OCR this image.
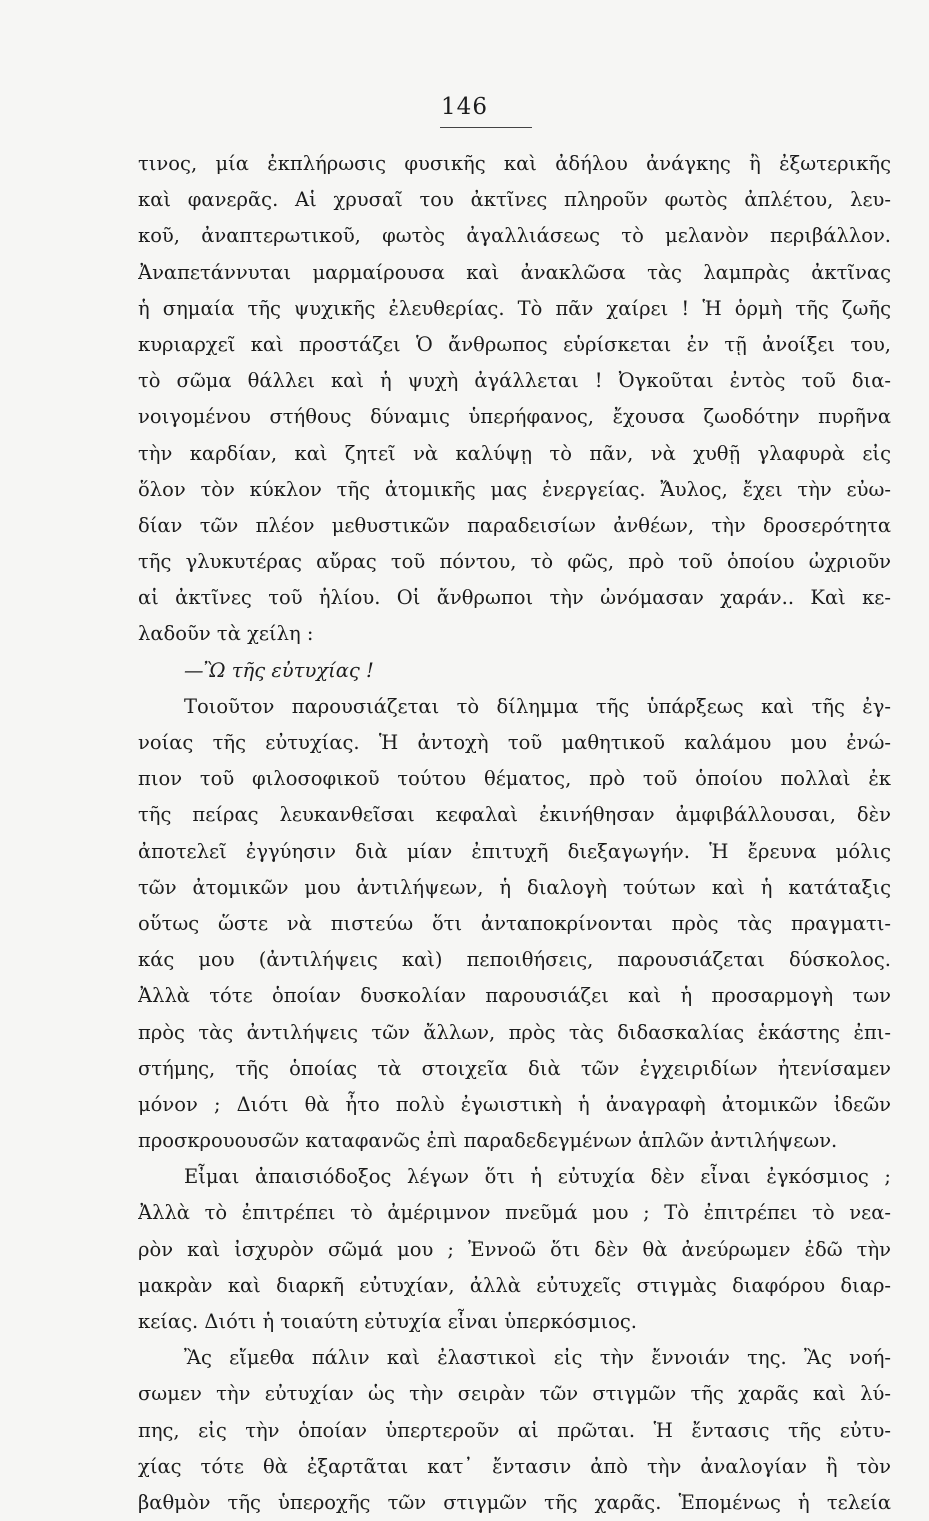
146
τινος, μία ἐκπλήρωσις φυσικῆς καὶ ἀδήλου ἀνάγκης ἢ ἐξωτερικῆς
καὶ φανερᾶς. Αἱ χρυσαῖ του ἀκτῖνες πληροῦν φωτὸς ἀπλέτου, λευ-
κοῦ, ἀναπτερωτικοῦ, φωτὸς ἀγαλλιάσεως τὸ μελανὸν περιβάλλον.
Ἀναπετάννυται μαρμαίρουσα καὶ ἀνακλῶσα τὰς λαμπρὰς ἀκτῖνας
ἡ σημαία τῆς ψυχικῆς ἐλευθερίας. Τὸ πᾶν χαίρει ! Ἡ ὁρμὴ τῆς ζωῆς
κυριαρχεῖ καὶ προστάζει Ὁ ἄνθρωπος εὑρίσκεται ἐν τῇ ἀνοίξει του,
τὸ σῶμα θάλλει καὶ ἡ ψυχὴ ἀγάλλεται ! Ὀγκοῦται ἐντὸς τοῦ δια-
νοιγομένου στήθους δύναμις ὑπερήφανος, ἔχουσα ζωοδότην πυρῆνα
τὴν καρδίαν, καὶ ζητεῖ νὰ καλύψῃ τὸ πᾶν, νὰ χυθῇ γλαφυρὰ εἰς
ὅλον τὸν κύκλον τῆς ἀτομικῆς μας ἐνεργείας. Ἄυλος, ἔχει τὴν εὐω-
δίαν τῶν πλέον μεθυστικῶν παραδεισίων ἀνθέων, τὴν δροσερότητα
τῆς γλυκυτέρας αὔρας τοῦ πόντου, τὸ φῶς, πρὸ τοῦ ὁποίου ὠχριοῦν
αἱ ἀκτῖνες τοῦ ἡλίου. Οἱ ἄνθρωποι τὴν ὠνόμασαν χαράν.. Καὶ κε-
λαδοῦν τὰ χείλη :
—Ὢ τῆς εὐτυχίας !
Τοιοῦτον παρουσιάζεται τὸ δίλημμα τῆς ὑπάρξεως καὶ τῆς ἐγ-
νοίας τῆς εὐτυχίας. Ἡ ἀντοχὴ τοῦ μαθητικοῦ καλάμου μου ἐνώ-
πιον τοῦ φιλοσοφικοῦ τούτου θέματος, πρὸ τοῦ ὁποίου πολλαὶ ἐκ
τῆς πείρας λευκανθεῖσαι κεφαλαὶ ἐκινήθησαν ἀμφιβάλλουσαι, δὲν
ἀποτελεῖ ἐγγύησιν διὰ μίαν ἐπιτυχῆ διεξαγωγήν. Ἡ ἔρευνα μόλις
τῶν ἀτομικῶν μου ἀντιλήψεων, ἡ διαλογὴ τούτων καὶ ἡ κατάταξις
οὕτως ὥστε νὰ πιστεύω ὅτι ἀνταποκρίνονται πρὸς τὰς πραγματι-
κάς μου (ἀντιλήψεις καὶ) πεποιθήσεις, παρουσιάζεται δύσκολος.
Ἀλλὰ τότε ὁποίαν δυσκολίαν παρουσιάζει καὶ ἡ προσαρμογὴ των
πρὸς τὰς ἀντιλήψεις τῶν ἄλλων, πρὸς τὰς διδασκαλίας ἑκάστης ἐπι-
στήμης, τῆς ὁποίας τὰ στοιχεῖα διὰ τῶν ἐγχειριδίων ἠτενίσαμεν
μόνον ; Διότι θὰ ἦτο πολὺ ἐγωιστικὴ ἡ ἀναγραφὴ ἀτομικῶν ἰδεῶν
προσκρουουσῶν καταφανῶς ἐπὶ παραδεδεγμένων ἁπλῶν ἀντιλήψεων.
Εἶμαι ἀπαισιόδοξος λέγων ὅτι ἡ εὐτυχία δὲν εἶναι ἐγκόσμιος ;
Ἀλλὰ τὸ ἐπιτρέπει τὸ ἀμέριμνον πνεῦμά μου ; Τὸ ἐπιτρέπει τὸ νεα-
ρὸν καὶ ἰσχυρὸν σῶμά μου ; Ἐννοῶ ὅτι δὲν θὰ ἀνεύρωμεν ἐδῶ τὴν
μακρὰν καὶ διαρκῆ εὐτυχίαν, ἀλλὰ εὐτυχεῖς στιγμὰς διαφόρου διαρ-
κείας. Διότι ἡ τοιαύτη εὐτυχία εἶναι ὑπερκόσμιος.
Ἂς εἴμεθα πάλιν καὶ ἐλαστικοὶ εἰς τὴν ἔννοιάν της. Ἂς νοή-
σωμεν τὴν εὐτυχίαν ὡς τὴν σειρὰν τῶν στιγμῶν τῆς χαρᾶς καὶ λύ-
πης, εἰς τὴν ὁποίαν ὑπερτεροῦν αἱ πρῶται. Ἡ ἔντασις τῆς εὐτυ-
χίας τότε θὰ ἐξαρτᾶται κατ᾽ ἔντασιν ἀπὸ τὴν ἀναλογίαν ἢ τὸν
βαθμὸν τῆς ὑπεροχῆς τῶν στιγμῶν τῆς χαρᾶς. Ἑπομένως ἡ τελεία
